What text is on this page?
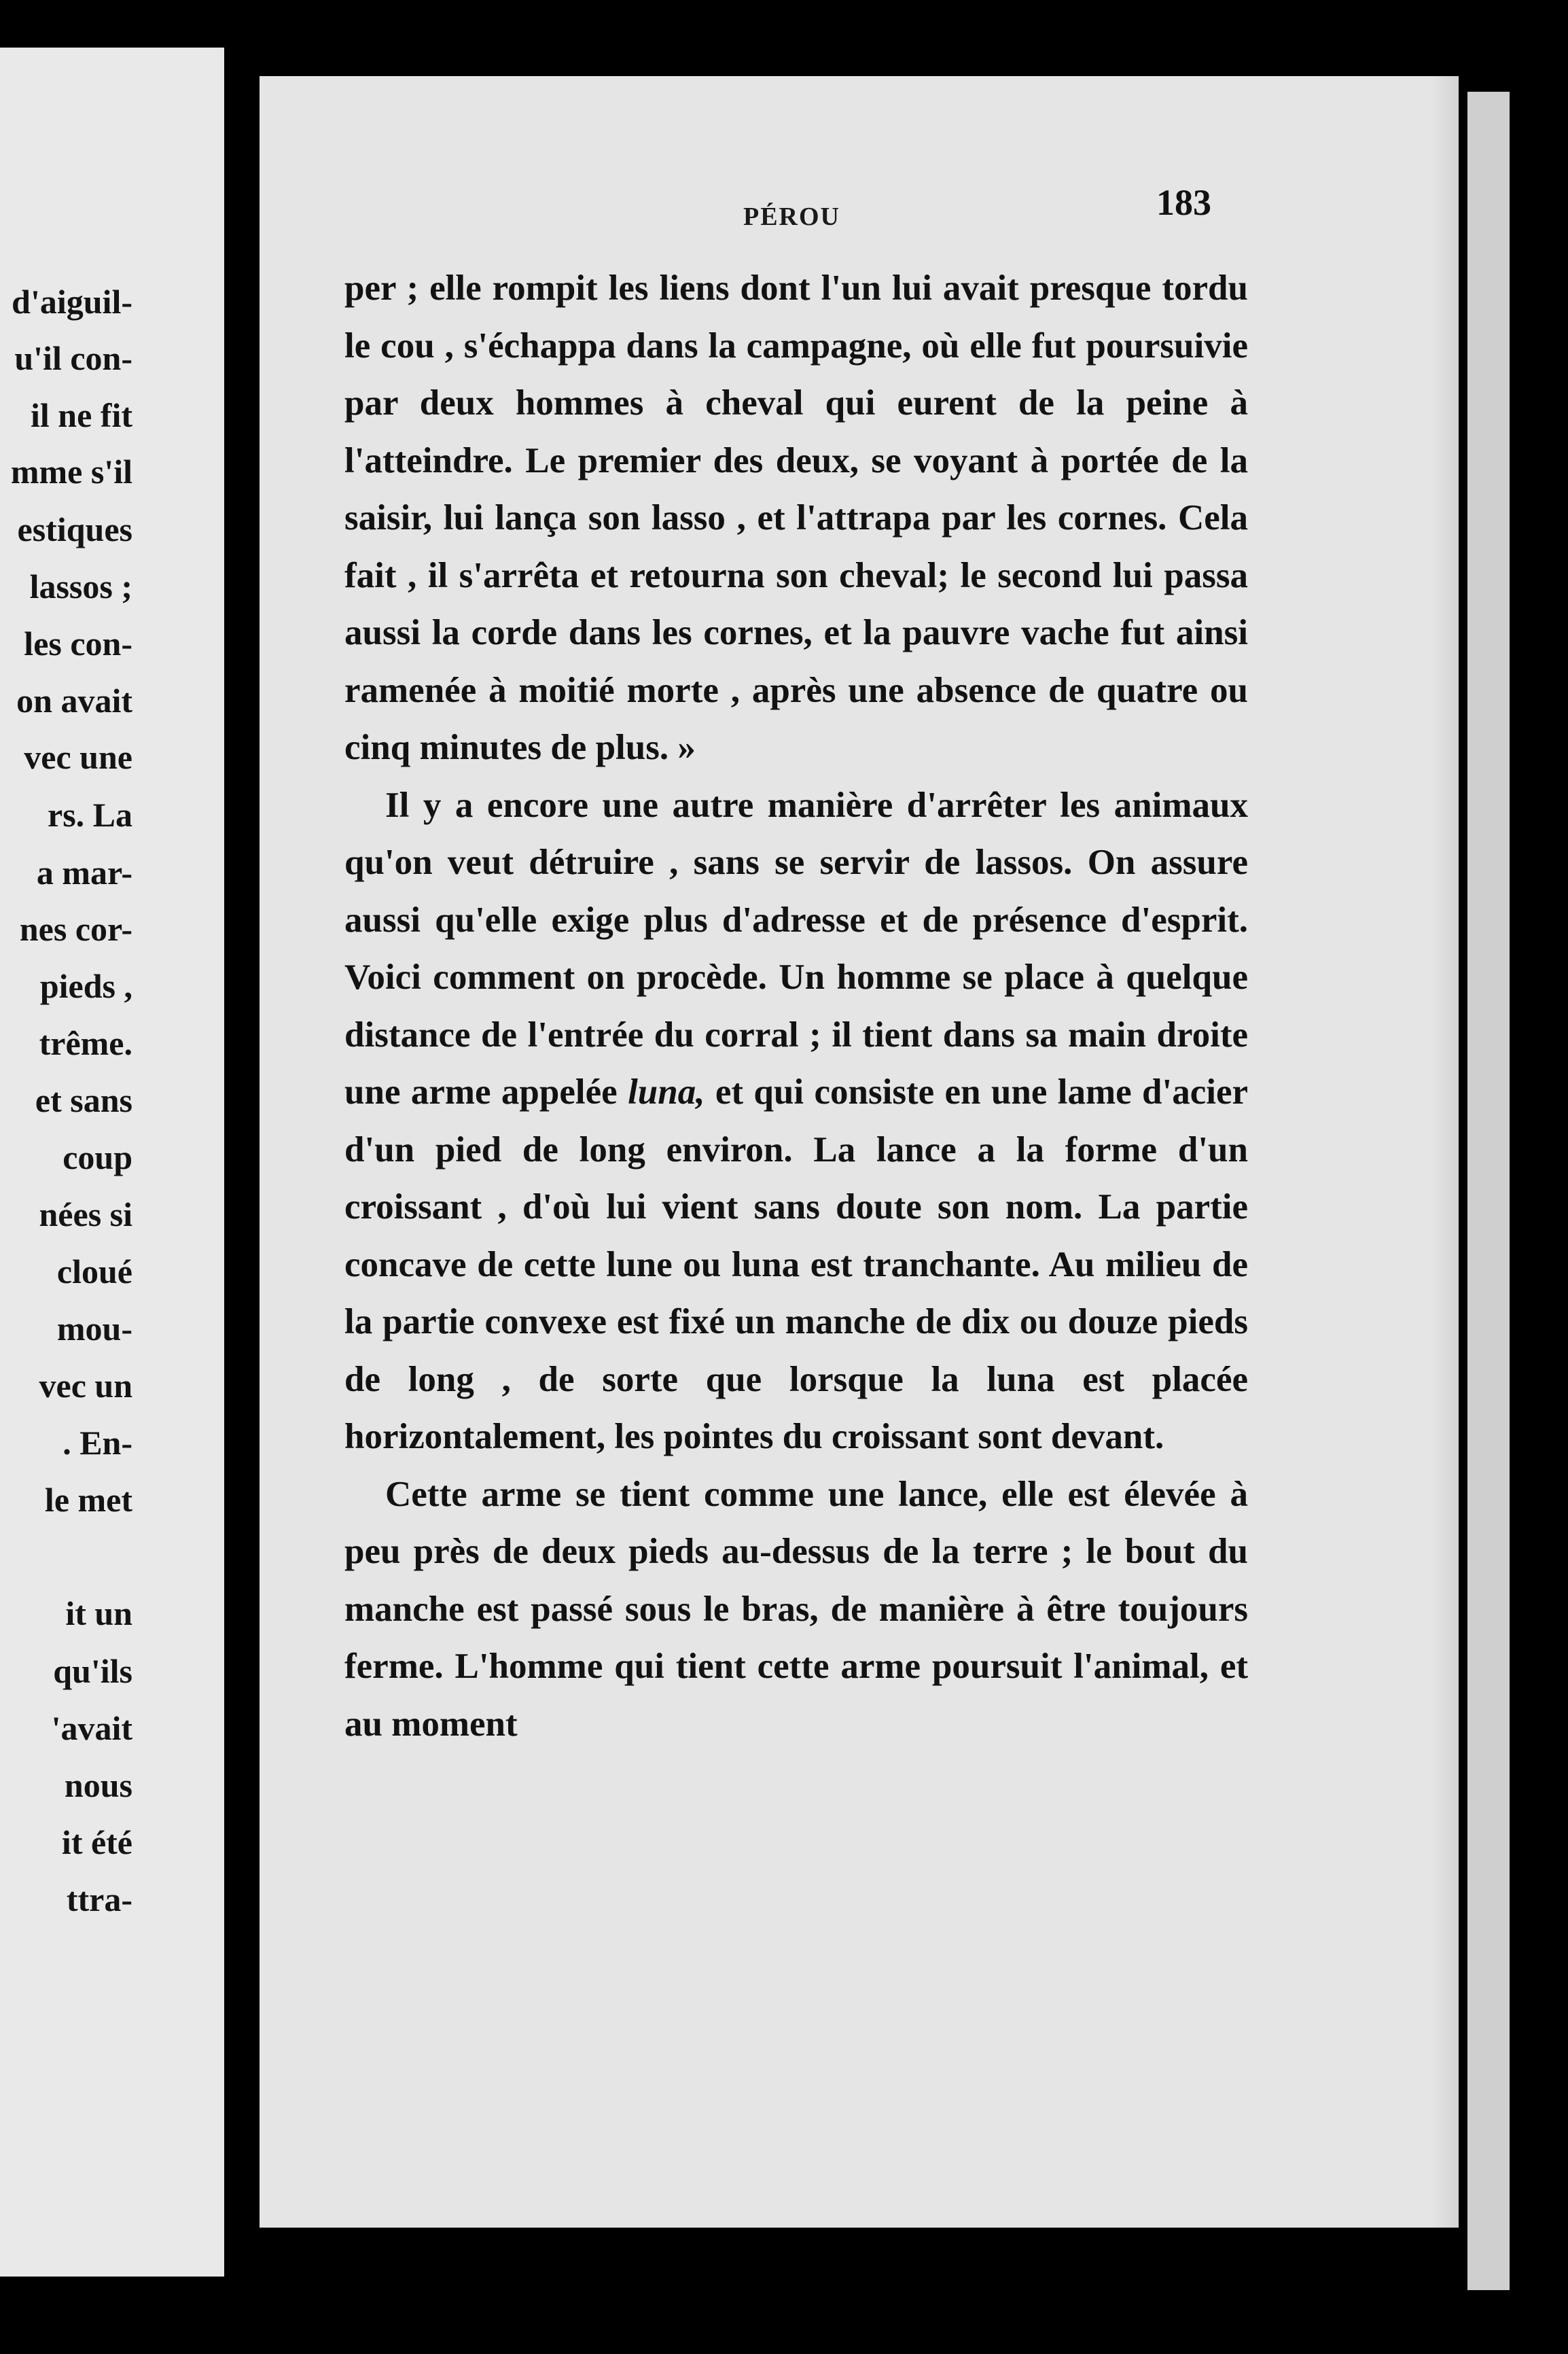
d'aiguil-
u'il con-
il ne fit
mme s'il
estiques
lassos ;
les con-
on avait
vec une
rs. La
a mar-
nes cor-
pieds ,
trême.
et sans
coup
nées si
cloué
mou-
vec un
. En-
le met
it un
qu'ils
'avait
nous
it été
ttra-
PÉROU	183

per ; elle rompit les liens dont l'un lui avait presque tordu le cou , s'échappa dans la campagne, où elle fut poursuivie par deux hommes à cheval qui eurent de la peine à l'atteindre. Le premier des deux, se voyant à portée de la saisir, lui lança son lasso , et l'attrapa par les cornes. Cela fait , il s'arrêta et retourna son cheval; le second lui passa aussi la corde dans les cornes, et la pauvre vache fut ainsi ramenée à moitié morte , après une absence de quatre ou cinq minutes de plus. »

Il y a encore une autre manière d'arrêter les animaux qu'on veut détruire , sans se servir de lassos. On assure aussi qu'elle exige plus d'adresse et de présence d'esprit. Voici comment on procède. Un homme se place à quelque distance de l'entrée du corral ; il tient dans sa main droite une arme appelée luna, et qui consiste en une lame d'acier d'un pied de long environ. La lance a la forme d'un croissant , d'où lui vient sans doute son nom. La partie concave de cette lune ou luna est tranchante. Au milieu de la partie convexe est fixé un manche de dix ou douze pieds de long , de sorte que lorsque la luna est placée horizontalement, les pointes du croissant sont devant.

Cette arme se tient comme une lance, elle est élevée à peu près de deux pieds au-dessus de la terre ; le bout du manche est passé sous le bras, de manière à être toujours ferme. L'homme qui tient cette arme poursuit l'animal, et au moment
